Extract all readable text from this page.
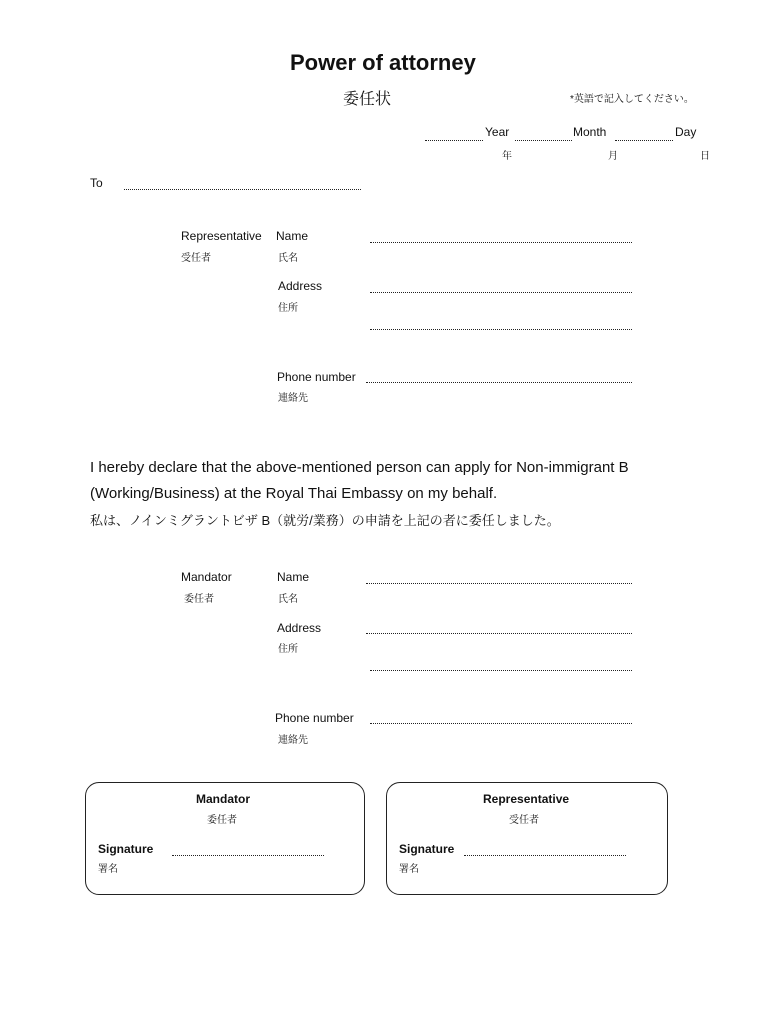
Power of attorney
委任状	*英語で記入してください。
Year	Month	Day
年	月	日
To
Representative
受任者
Name
氏名
Address
住所
Phone number
連絡先
I hereby declare that the above-mentioned person can apply for Non-immigrant B
(Working/Business) at the Royal Thai Embassy on my behalf.
私は、ノインミグラントビザ B（就労/業務）の申請を上記の者に委任しました。
Mandator
委任者
Name
氏名
Address
住所
Phone number
連絡先
Mandator
委任者
Signature
署名
Representative
受任者
Signature
署名
